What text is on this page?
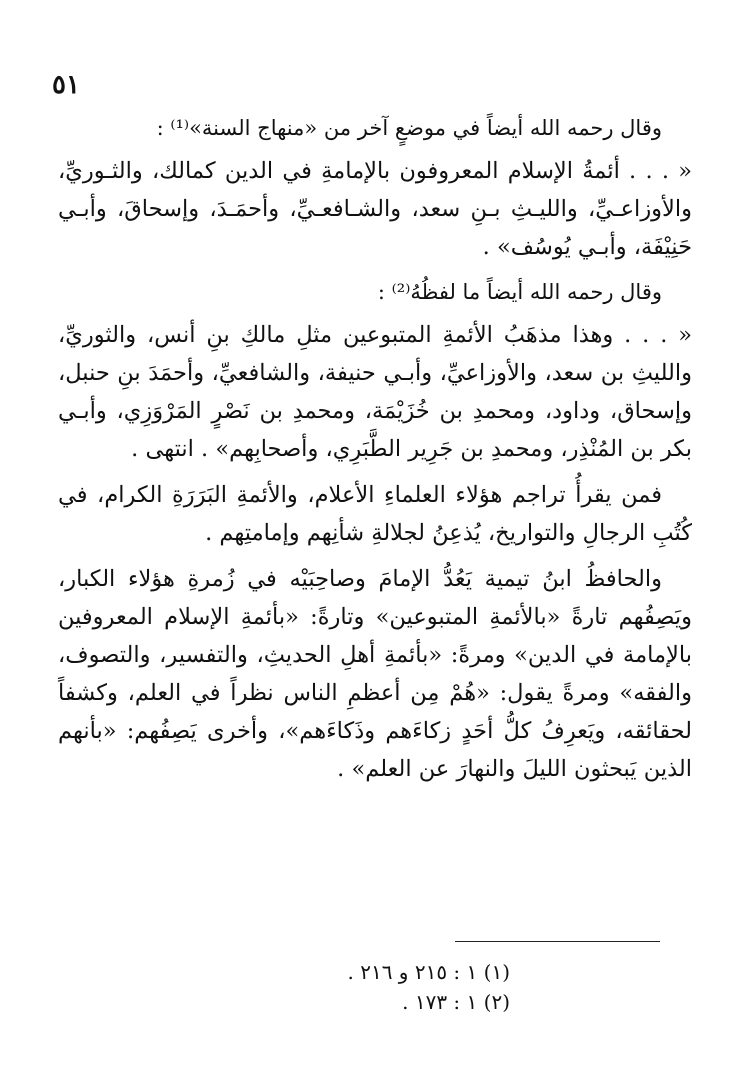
٥١

وقال رحمه الله أيضاً في موضعٍ آخر من «منهاج السنة»⁽¹⁾ :

« . . . أئمةُ الإسلام المعروفون بالإمامةِ في الدين كمالك، والثـوريِّ، والأوزاعـيِّ، والليـثِ بـنِ سعد، والشـافعـيِّ، وأحمَـدَ، وإسحاقَ، وأبـي حَنِيْفَة، وأبـي يُوسُف» .

وقال رحمه الله أيضاً ما لفظُهُ⁽²⁾ :

« . . . وهذا مذهَبُ الأئمةِ المتبوعين مثلِ مالكِ بنِ أنس، والثوريِّ، والليثِ بن سعد، والأوزاعيِّ، وأبـي حنيفة، والشافعيِّ، وأحمَدَ بنِ حنبل، وإسحاق، وداود، ومحمدِ بن خُزَيْمَة، ومحمدِ بن نَصْرٍ المَرْوَزِي، وأبـي بكر بن المُنْذِر، ومحمدِ بن جَرِير الطَّبَرِي، وأصحابِهم» . انتهى .

فمن يقرأُ تراجم هؤلاء العلماءِ الأعلام، والأئمةِ البَرَرَةِ الكرام، في كُتُبِ الرجالِ والتواريخ، يُذعِنُ لجلالةِ شأنِهم وإمامتِهم .

والحافظُ ابنُ تيمية يَعُدُّ الإمامَ وصاحِبَيْه في زُمرةِ هؤلاء الكبار، ويَصِفُهم تارةً «بالأئمةِ المتبوعين» وتارةً: «بأئمةِ الإسلام المعروفين بالإمامة في الدين» ومرةً: «بأئمةِ أهلِ الحديثِ، والتفسير، والتصوف، والفقه» ومرةً يقول: «هُمْ مِن أعظمِ الناس نظراً في العلم، وكشفاً لحقائقه، ويَعرِفُ كلُّ أحَدٍ زكاءَهم وذَكاءَهم»، وأخرى يَصِفُهم: «بأنهم الذين يَبحثون الليلَ والنهارَ عن العلم» .

(١) ١ : ٢١٥ و ٢١٦ .
(٢) ١ : ١٧٣ .
